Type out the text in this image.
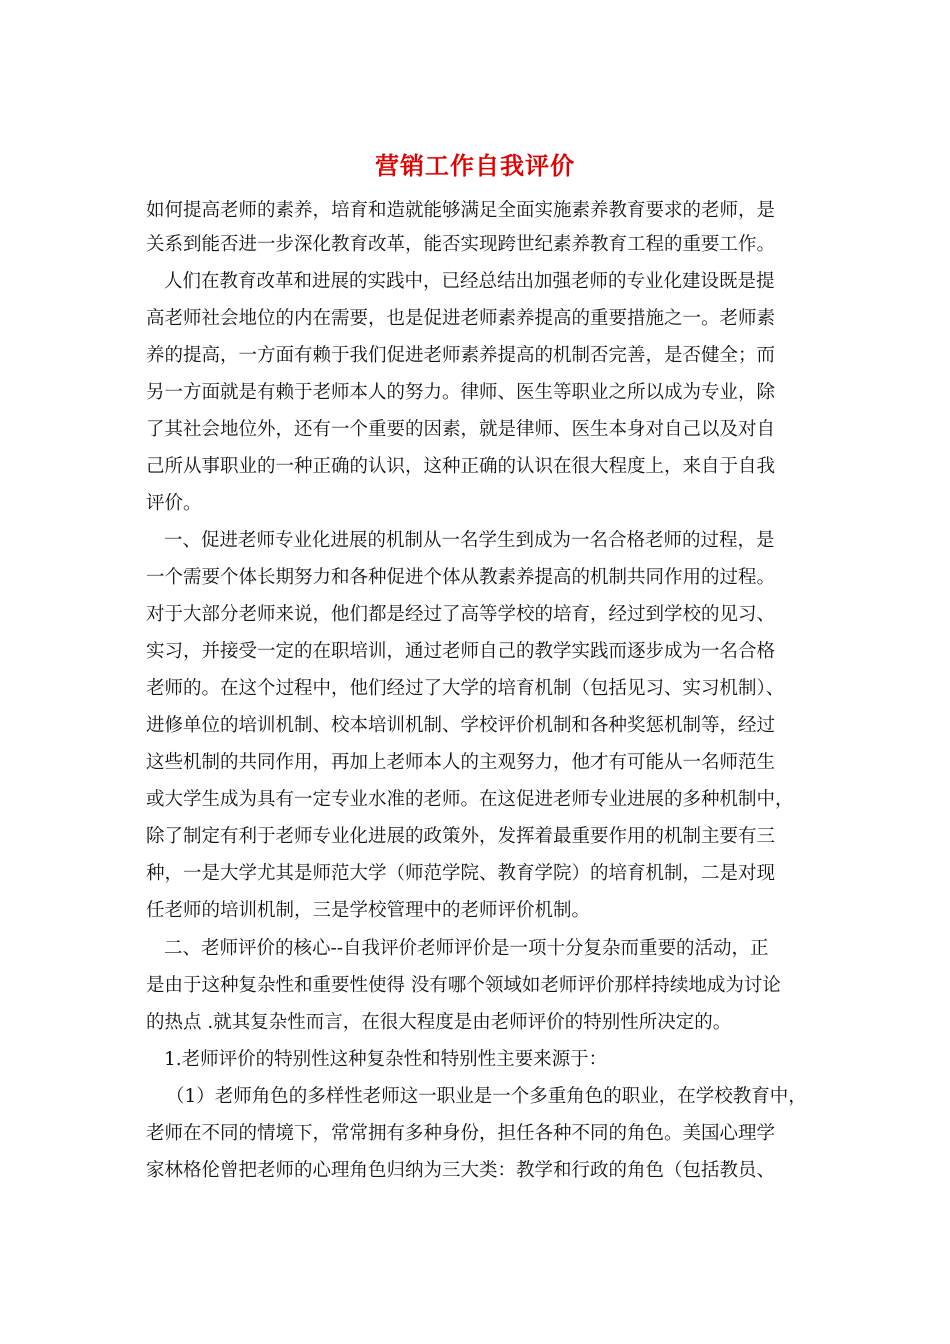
营销工作自我评价
如何提高老师的素养，培育和造就能够满足全面实施素养教育要求的老师，是
关系到能否进一步深化教育改革，能否实现跨世纪素养教育工程的重要工作。
人们在教育改革和进展的实践中，已经总结出加强老师的专业化建设既是提
高老师社会地位的内在需要，也是促进老师素养提高的重要措施之一。老师素
养的提高，一方面有赖于我们促进老师素养提高的机制否完善，是否健全；而
另一方面就是有赖于老师本人的努力。律师、医生等职业之所以成为专业，除
了其社会地位外，还有一个重要的因素，就是律师、医生本身对自己以及对自
己所从事职业的一种正确的认识，这种正确的认识在很大程度上，来自于自我
评价。
一、促进老师专业化进展的机制从一名学生到成为一名合格老师的过程，是
一个需要个体长期努力和各种促进个体从教素养提高的机制共同作用的过程。
对于大部分老师来说，他们都是经过了高等学校的培育，经过到学校的见习、
实习，并接受一定的在职培训，通过老师自己的教学实践而逐步成为一名合格
老师的。在这个过程中，他们经过了大学的培育机制（包括见习、实习机制）、
进修单位的培训机制、校本培训机制、学校评价机制和各种奖惩机制等，经过
这些机制的共同作用，再加上老师本人的主观努力，他才有可能从一名师范生
或大学生成为具有一定专业水准的老师。在这促进老师专业进展的多种机制中，
除了制定有利于老师专业化进展的政策外，发挥着最重要作用的机制主要有三
种，一是大学尤其是师范大学（师范学院、教育学院）的培育机制，二是对现
任老师的培训机制，三是学校管理中的老师评价机制。
二、老师评价的核心--自我评价老师评价是一项十分复杂而重要的活动，正
是由于这种复杂性和重要性使得 没有哪个领域如老师评价那样持续地成为讨论
的热点 .就其复杂性而言，在很大程度是由老师评价的特别性所决定的。
1.老师评价的特别性这种复杂性和特别性主要来源于：
（1）老师角色的多样性老师这一职业是一个多重角色的职业，在学校教育中，
老师在不同的情境下，常常拥有多种身份，担任各种不同的角色。美国心理学
家林格伦曾把老师的心理角色归纳为三大类：教学和行政的角色（包括教员、
